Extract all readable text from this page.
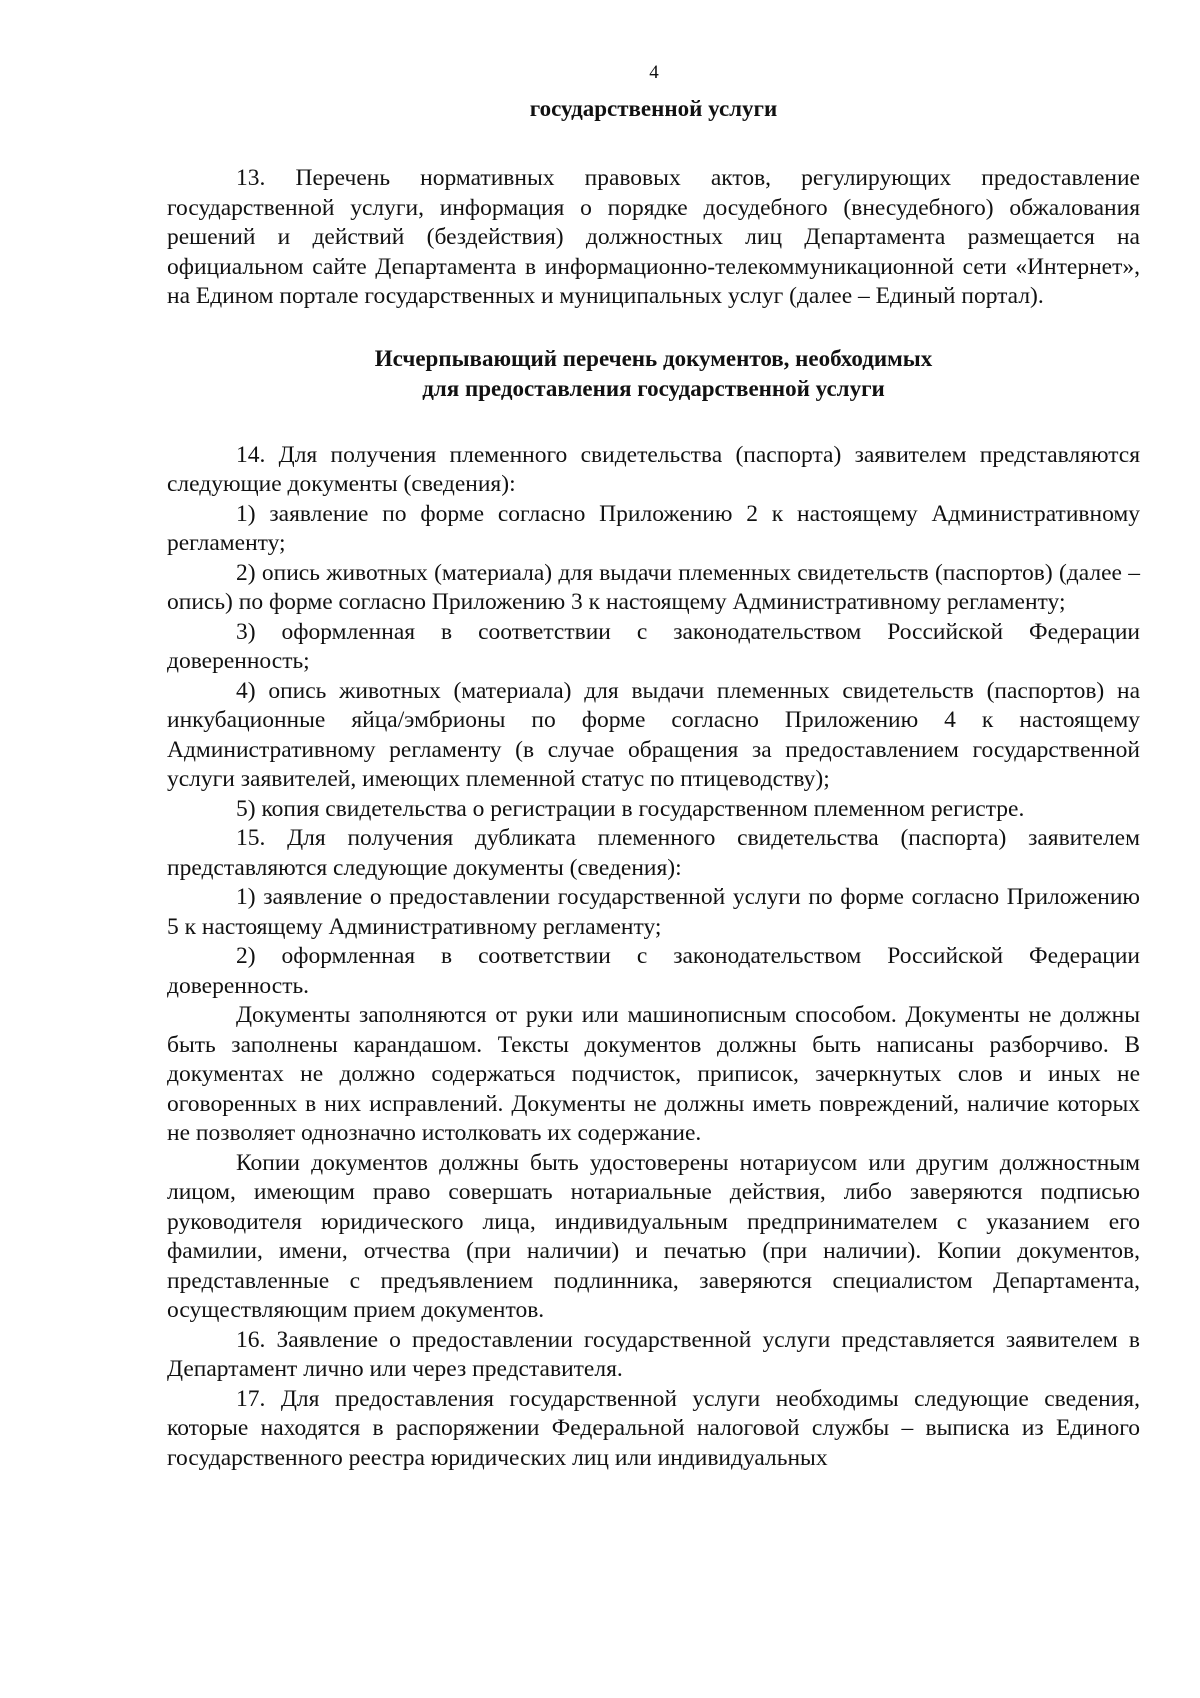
4

государственной услуги

13. Перечень нормативных правовых актов, регулирующих предоставление государственной услуги, информация о порядке досудебного (внесудебного) обжалования решений и действий (бездействия) должностных лиц Департамента размещается на официальном сайте Департамента в информационно-телекоммуникационной сети «Интернет», на Едином портале государственных и муниципальных услуг (далее – Единый портал).

Исчерпывающий перечень документов, необходимых

для предоставления государственной услуги

14. Для получения племенного свидетельства (паспорта) заявителем представляются следующие документы (сведения):

1) заявление по форме согласно Приложению 2 к настоящему Административному регламенту;

2) опись животных (материала) для выдачи племенных свидетельств (паспортов) (далее – опись) по форме согласно Приложению 3 к настоящему Административному регламенту;

3) оформленная в соответствии с законодательством Российской Федерации доверенность;

4) опись животных (материала) для выдачи племенных свидетельств (паспортов) на инкубационные яйца/эмбрионы по форме согласно Приложению 4 к настоящему Административному регламенту (в случае обращения за предоставлением государственной услуги заявителей, имеющих племенной статус по птицеводству);

5) копия свидетельства о регистрации в государственном племенном регистре.

15. Для получения дубликата племенного свидетельства (паспорта) заявителем представляются следующие документы (сведения):

1) заявление о предоставлении государственной услуги по форме согласно Приложению 5 к настоящему Административному регламенту;

2) оформленная в соответствии с законодательством Российской Федерации доверенность.

Документы заполняются от руки или машинописным способом. Документы не должны быть заполнены карандашом. Тексты документов должны быть написаны разборчиво. В документах не должно содержаться подчисток, приписок, зачеркнутых слов и иных не оговоренных в них исправлений. Документы не должны иметь повреждений, наличие которых не позволяет однозначно истолковать их содержание.

Копии документов должны быть удостоверены нотариусом или другим должностным лицом, имеющим право совершать нотариальные действия, либо заверяются подписью руководителя юридического лица, индивидуальным предпринимателем с указанием его фамилии, имени, отчества (при наличии) и печатью (при наличии). Копии документов, представленные с предъявлением подлинника, заверяются специалистом Департамента, осуществляющим прием документов.

16. Заявление о предоставлении государственной услуги представляется заявителем в Департамент лично или через представителя.

17. Для предоставления государственной услуги необходимы следующие сведения, которые находятся в распоряжении Федеральной налоговой службы – выписка из Единого государственного реестра юридических лиц или индивидуальных
